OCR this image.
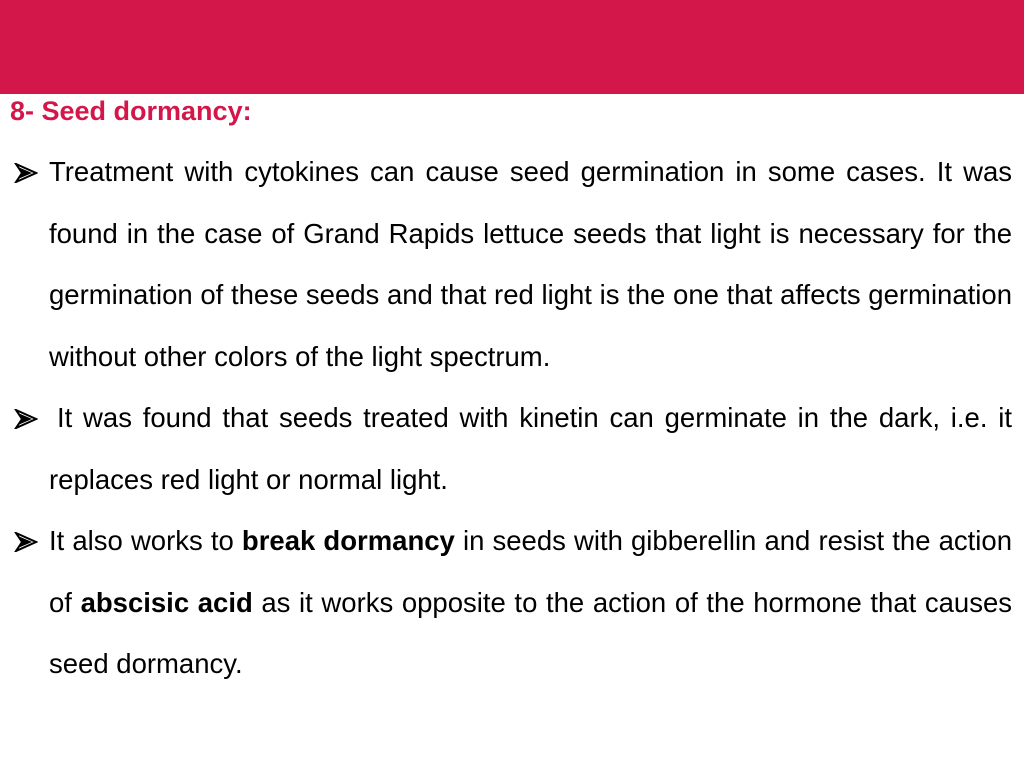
8- Seed dormancy:
Treatment with cytokines can cause seed germination in some cases. It was found in the case of Grand Rapids lettuce seeds that light is necessary for the germination of these seeds and that red light is the one that affects germination without other colors of the light spectrum.
It was found that seeds treated with kinetin can germinate in the dark, i.e. it replaces red light or normal light.
It also works to break dormancy in seeds with gibberellin and resist the action of abscisic acid as it works opposite to the action of the hormone that causes seed dormancy.
